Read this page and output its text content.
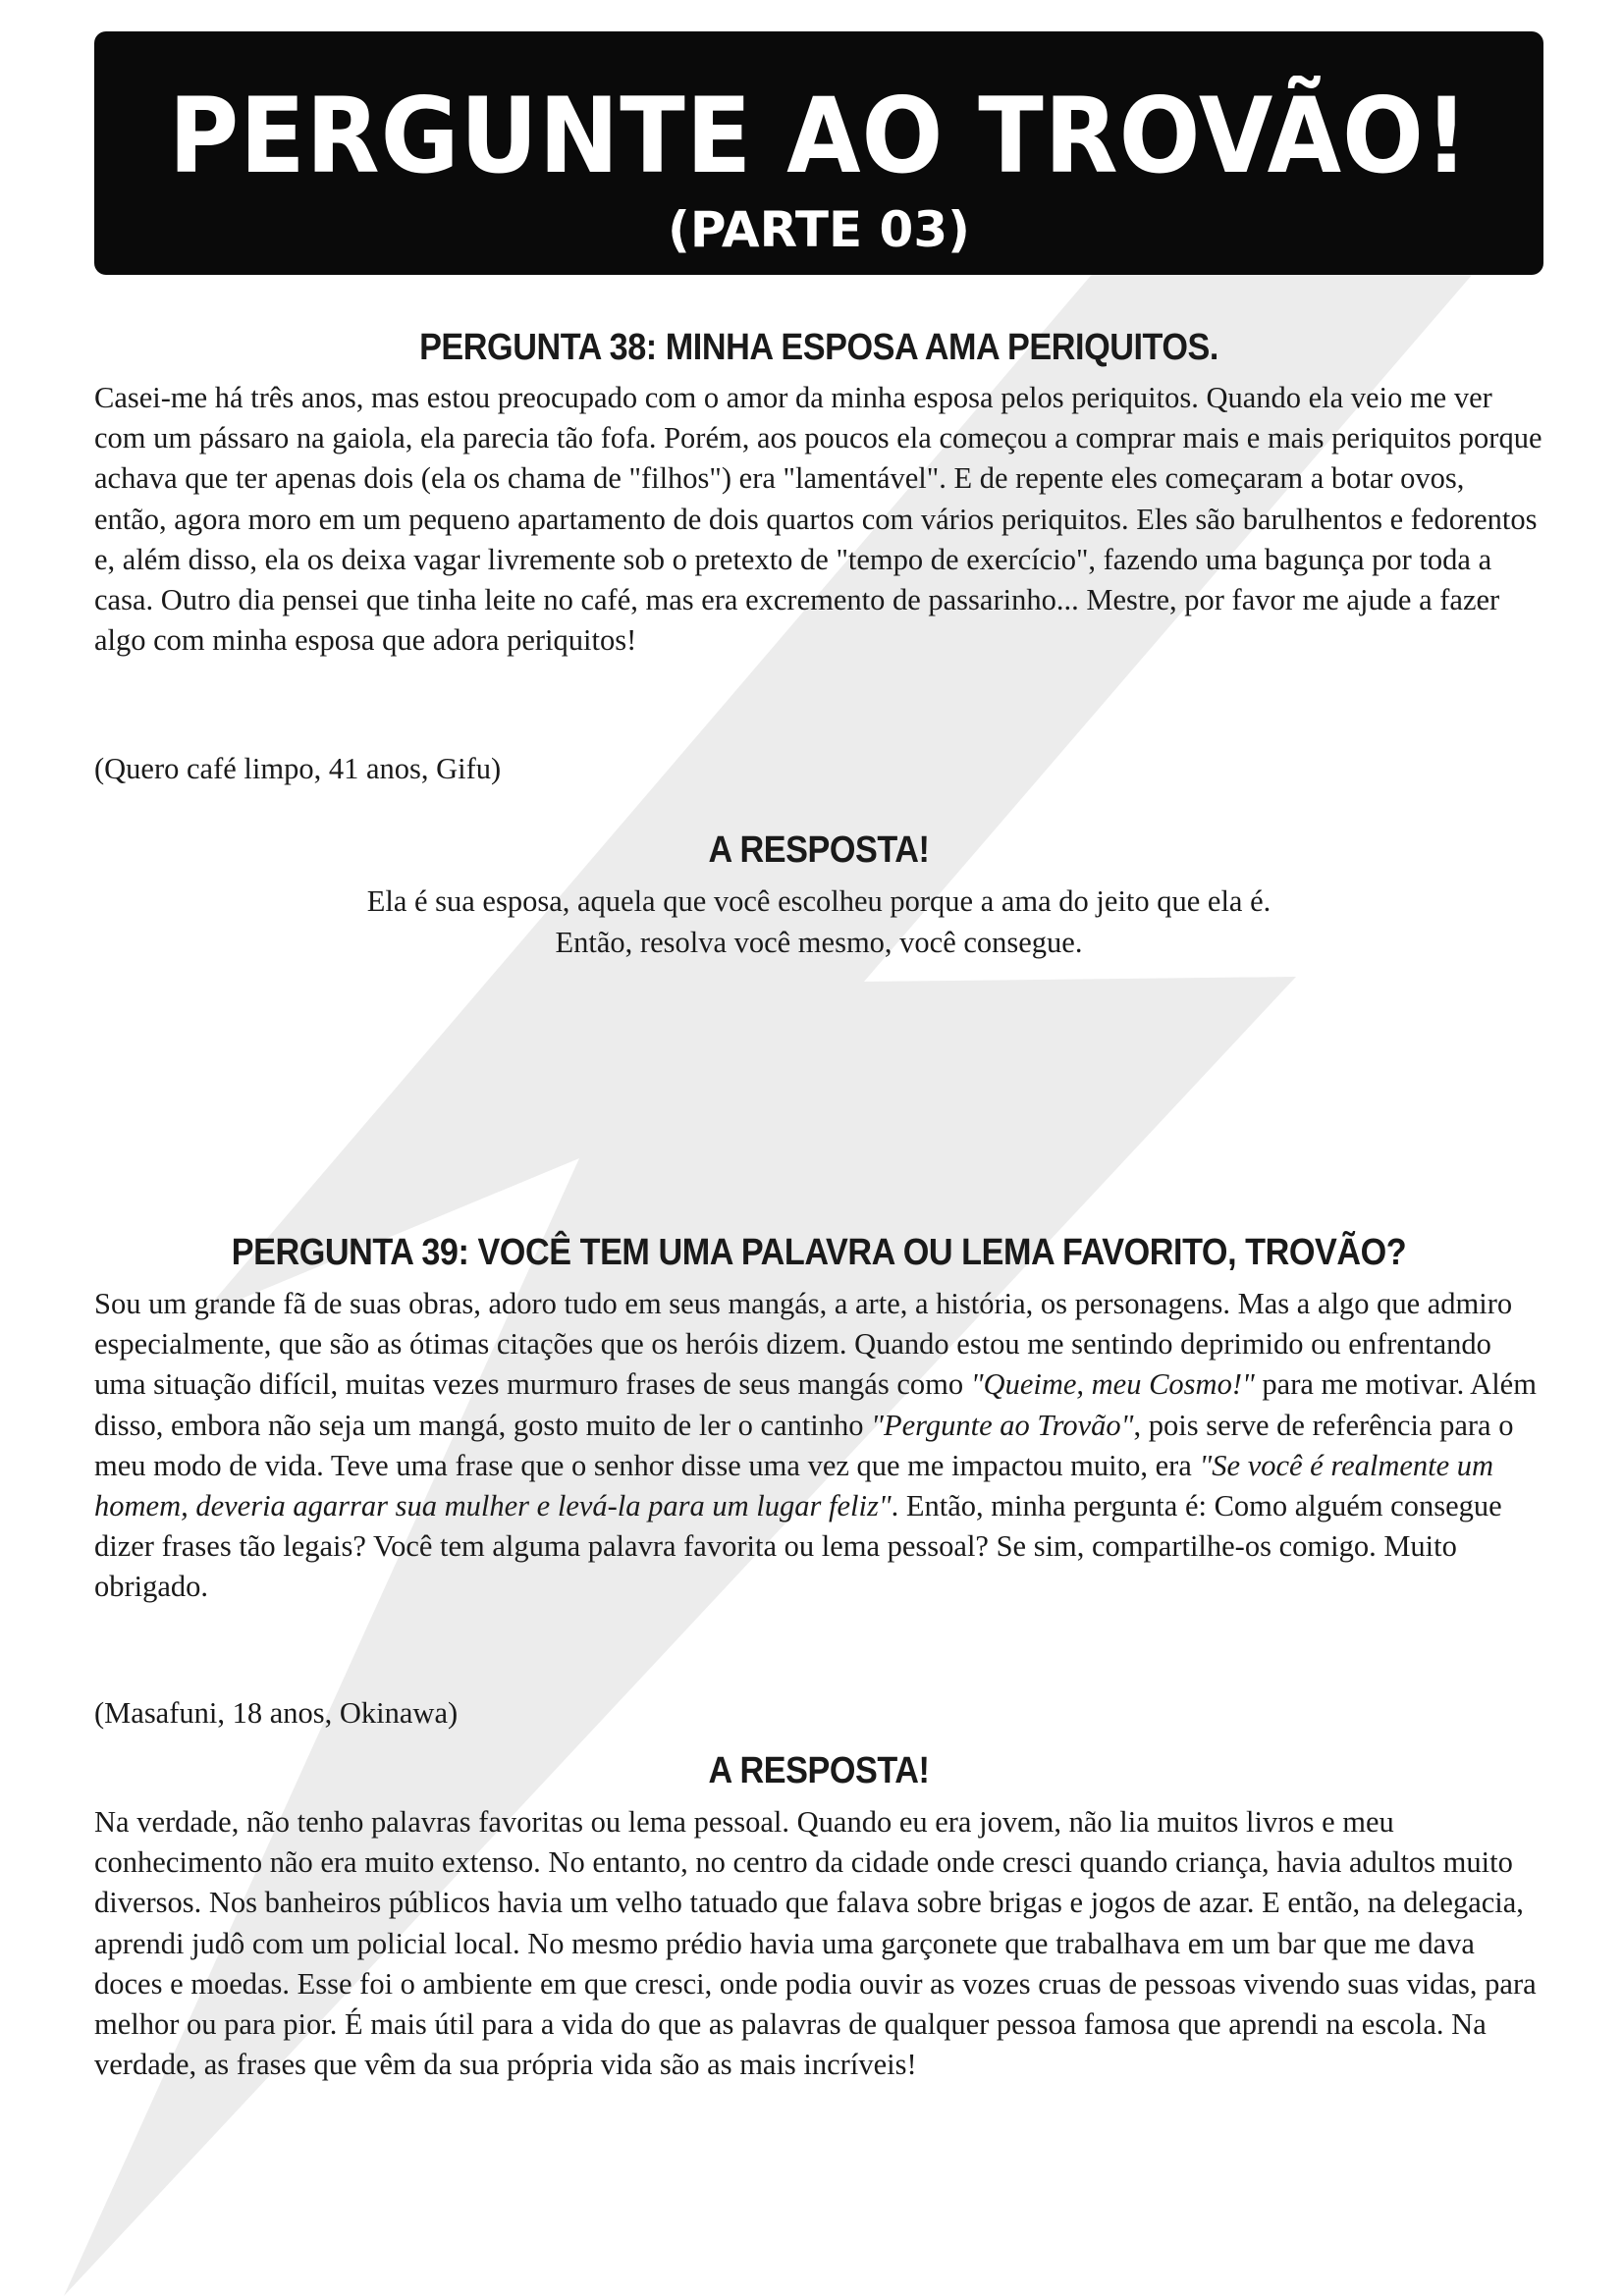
PERGUNTE AO TROVÃO!
(PARTE 03)
PERGUNTA 38: MINHA ESPOSA AMA PERIQUITOS.

Casei-me há três anos, mas estou preocupado com o amor da minha esposa pelos periquitos. Quando ela veio me ver com um pássaro na gaiola, ela parecia tão fofa. Porém, aos poucos ela começou a comprar mais e mais periquitos porque achava que ter apenas dois (ela os chama de "filhos") era "lamentável". E de repente eles começaram a botar ovos, então, agora moro em um pequeno apartamento de dois quartos com vários periquitos. Eles são barulhentos e fedorentos e, além disso, ela os deixa vagar livremente sob o pretexto de "tempo de exercício", fazendo uma bagunça por toda a casa. Outro dia pensei que tinha leite no café, mas era excremento de passarinho... Mestre, por favor me ajude a fazer algo com minha esposa que adora periquitos!

(Quero café limpo, 41 anos, Gifu)

A RESPOSTA!

Ela é sua esposa, aquela que você escolheu porque a ama do jeito que ela é.

Então, resolva você mesmo, você consegue.

PERGUNTA 39: VOCÊ TEM UMA PALAVRA OU LEMA FAVORITO, TROVÃO?

Sou um grande fã de suas obras, adoro tudo em seus mangás, a arte, a história, os personagens. Mas a algo que admiro especialmente, que são as ótimas citações que os heróis dizem. Quando estou me sentindo deprimido ou enfrentando uma situação difícil, muitas vezes murmuro frases de seus mangás como "Queime, meu Cosmo!" para me motivar. Além disso, embora não seja um mangá, gosto muito de ler o cantinho "Pergunte ao Trovão", pois serve de referência para o meu modo de vida. Teve uma frase que o senhor disse uma vez que me impactou muito, era "Se você é realmente um homem, deveria agarrar sua mulher e levá-la para um lugar feliz". Então, minha pergunta é: Como alguém consegue dizer frases tão legais? Você tem alguma palavra favorita ou lema pessoal? Se sim, compartilhe-os comigo. Muito obrigado.

(Masafuni, 18 anos, Okinawa)

A RESPOSTA!

Na verdade, não tenho palavras favoritas ou lema pessoal. Quando eu era jovem, não lia muitos livros e meu conhecimento não era muito extenso. No entanto, no centro da cidade onde cresci quando criança, havia adultos muito diversos. Nos banheiros públicos havia um velho tatuado que falava sobre brigas e jogos de azar. E então, na delegacia, aprendi judô com um policial local. No mesmo prédio havia uma garçonete que trabalhava em um bar que me dava doces e moedas. Esse foi o ambiente em que cresci, onde podia ouvir as vozes cruas de pessoas vivendo suas vidas, para melhor ou para pior. É mais útil para a vida do que as palavras de qualquer pessoa famosa que aprendi na escola. Na verdade, as frases que vêm da sua própria vida são as mais incríveis!
